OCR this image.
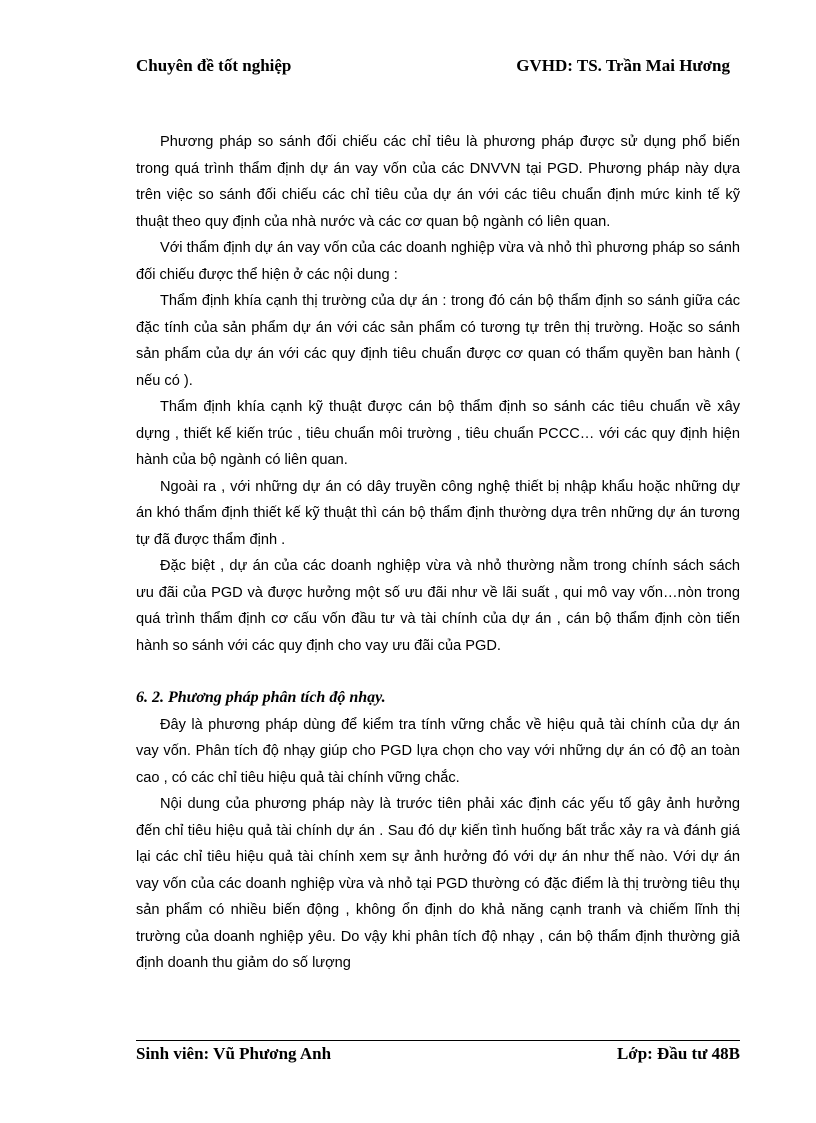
Chuyên đề tốt nghiệp	GVHD: TS. Trần Mai Hương

Phương pháp so sánh đối chiếu các chỉ tiêu là phương pháp được sử dụng phổ biến trong quá trình thẩm định dự án vay vốn của các DNVVN tại PGD. Phương pháp này dựa trên việc so sánh đối chiếu các chỉ tiêu của dự án với các tiêu chuẩn định mức kinh tế kỹ thuật theo quy định của nhà nước và các cơ quan bộ ngành có liên quan.

Với thẩm định dự án vay vốn của các doanh nghiệp vừa và nhỏ thì phương pháp so sánh đối chiếu được thể hiện ở các nội dung :

Thẩm định khía cạnh thị trường của dự án : trong đó cán bộ thẩm định so sánh giữa các đặc tính của sản phẩm dự án với các sản phẩm có tương tự trên thị trường. Hoặc so sánh sản phẩm của dự án với các quy định tiêu chuẩn được cơ quan có thẩm quyền ban hành ( nếu có ).

Thẩm định khía cạnh kỹ thuật được cán bộ thẩm định so sánh các tiêu chuẩn về xây dựng , thiết kế kiến trúc , tiêu chuẩn môi trường , tiêu chuẩn PCCC… với các quy định hiện hành của bộ ngành có liên quan.

Ngoài ra , với những dự án có dây truyền công nghệ thiết bị nhập khẩu hoặc những dự án khó thẩm định thiết kế kỹ thuật thì cán bộ thẩm định thường dựa trên những dự án tương tự đã được thẩm định .

Đặc biệt , dự án của các doanh nghiệp vừa và nhỏ thường nằm trong chính sách sách ưu đãi của PGD và được hưởng một số ưu đãi như về lãi suất , qui mô vay vốn…nòn trong quá trình thẩm định cơ cấu vốn đầu tư và tài chính của dự án , cán bộ thẩm định còn tiến hành so sánh với các quy định cho vay ưu đãi của PGD.

6. 2. Phương pháp phân tích độ nhạy.

Đây là phương pháp dùng để kiểm tra tính vững chắc về hiệu quả tài chính của dự án vay vốn. Phân tích độ nhạy giúp cho PGD lựa chọn cho vay với những dự án có độ an toàn cao , có các chỉ tiêu hiệu quả tài chính vững chắc.

Nội dung của phương pháp này là trước tiên phải xác định các yếu tố gây ảnh hưởng đến chỉ tiêu hiệu quả tài chính dự án . Sau đó dự kiến tình huống bất trắc xảy ra và đánh giá lại các chỉ tiêu hiệu quả tài chính xem sự ảnh hưởng đó với dự án như thế nào. Với dự án vay vốn của các doanh nghiệp vừa và nhỏ tại PGD thường có đặc điểm là thị trường tiêu thụ sản phẩm có nhiều biến động , không ổn định do khả năng cạnh tranh và chiếm lĩnh thị trường của doanh nghiệp yêu. Do vậy khi phân tích độ nhạy , cán bộ thẩm định thường giả định doanh thu giảm do số lượng

Sinh viên: Vũ Phương Anh	Lớp: Đầu tư 48B
